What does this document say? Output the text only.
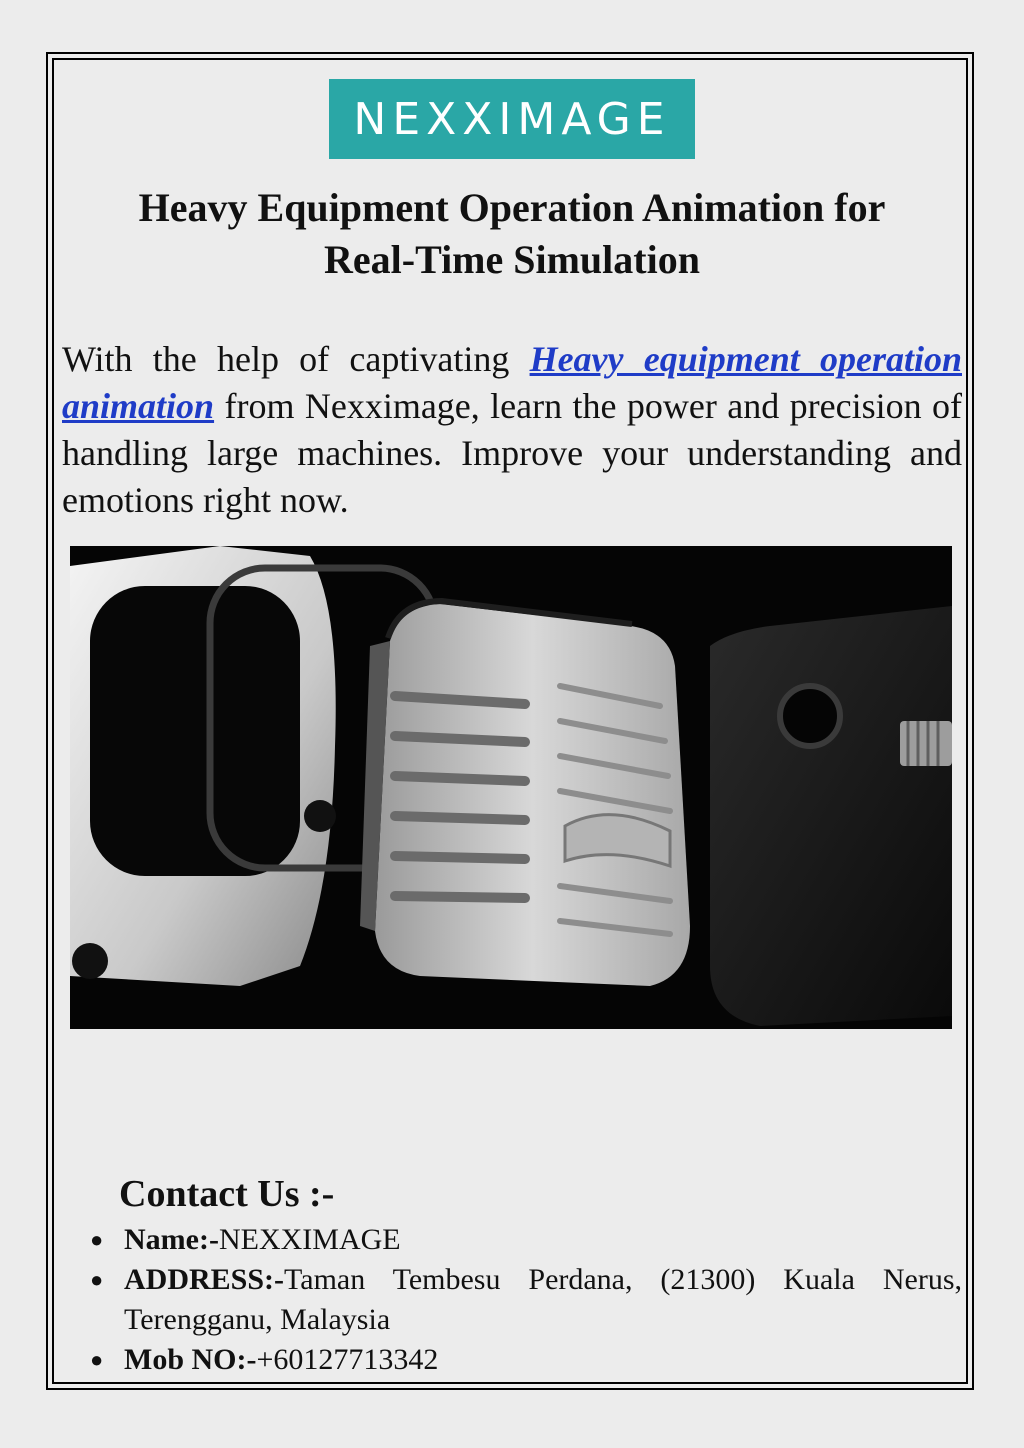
NEXXIMAGE
Heavy Equipment Operation Animation for
Real-Time Simulation

With the help of captivating Heavy equipment operation animation from Nexximage, learn the power and precision of handling large machines. Improve your understanding and emotions right now.

Contact Us :-
● Name:-NEXXIMAGE
● ADDRESS:-Taman Tembesu Perdana, (21300) Kuala Nerus, Terengganu, Malaysia
● Mob NO:-+60127713342
